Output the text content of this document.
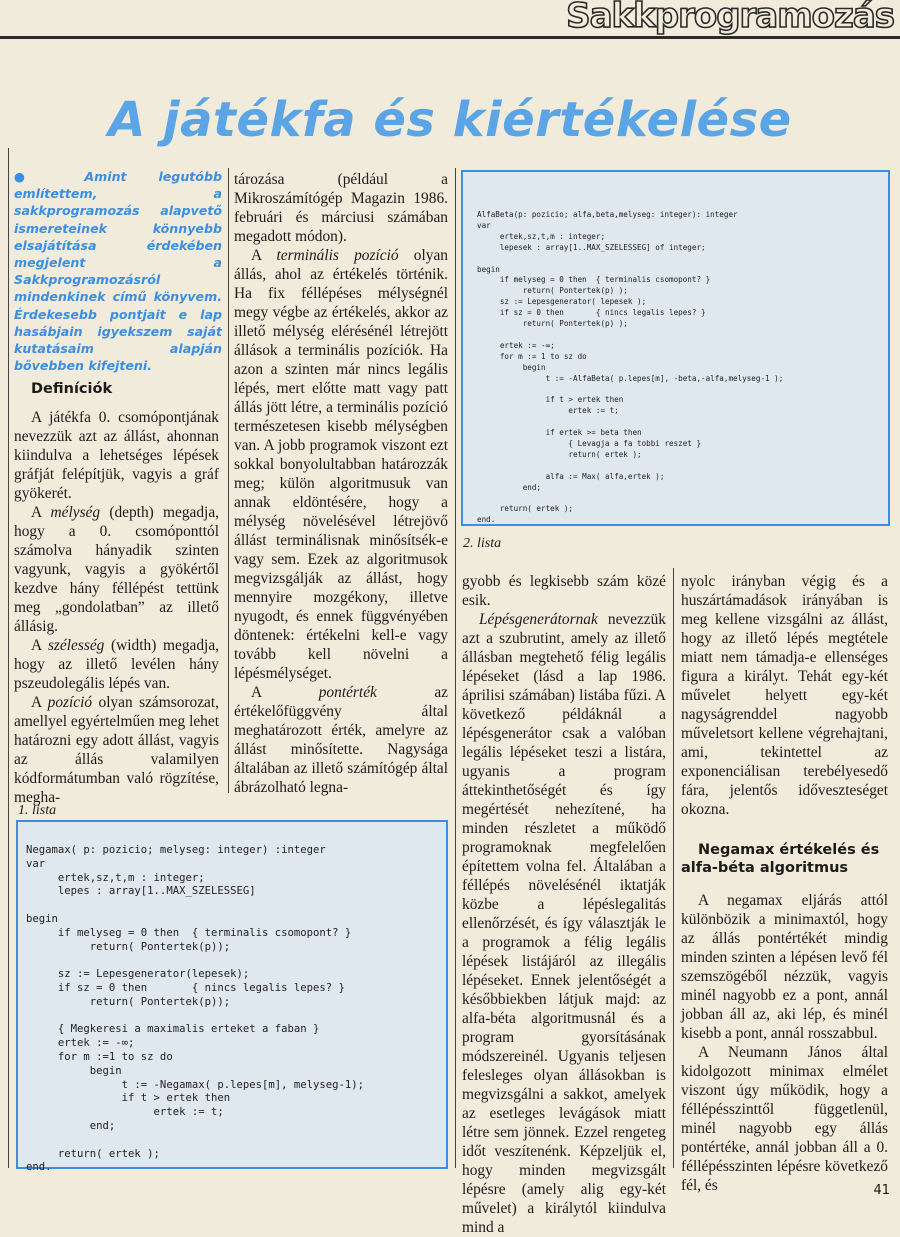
Sakkprogramozás
A játékfa és kiértékelése
● Amint legutóbb említettem, a sakkprogramozás alapvető ismereteinek könnyebb elsajátítása érdekében megjelent a Sakkprogramozásról mindenkinek című könyvem. Érdekesebb pontjait e lap hasábjain igyekszem saját kutatásaim alapján bővebben kifejteni.

Definíciók

A játékfa 0. csomópontjának nevezzük azt az állást, ahonnan kiindulva a lehetséges lépések gráfját felépítjük, vagyis a gráf gyökerét.

A mélység (depth) megadja, hogy a 0. csomóponttól számolva hányadik szinten vagyunk, vagyis a gyökértől kezdve hány féllépést tettünk meg „gondolatban” az illető állásig.

A szélesség (width) megadja, hogy az illető levélen hány pszeudolegális lépés van.

A pozíció olyan számsorozat, amellyel egyértelműen meg lehet határozni egy adott állást, vagyis az állás valamilyen kódformátumban való rögzítése, megha-

tározása (például a Mikroszámítógép Magazin 1986. februári és márciusi számában megadott módon).

A terminális pozíció olyan állás, ahol az értékelés történik. Ha fix féllépéses mélységnél megy végbe az értékelés, akkor az illető mélység elérésénél létrejött állások a terminális pozíciók. Ha azon a szinten már nincs legális lépés, mert előtte matt vagy patt állás jött létre, a terminális pozíció természetesen kisebb mélységben van. A jobb programok viszont ezt sokkal bonyolultabban határozzák meg; külön algoritmusuk van annak eldöntésére, hogy a mélység növelésével létrejövő állást terminálisnak minősítsék-e vagy sem. Ezek az algoritmusok megvizsgálják az állást, hogy mennyire mozgékony, illetve nyugodt, és ennek függvényében döntenek: értékelni kell-e vagy tovább kell növelni a lépésmélységet.

A pontérték az értékelőfüggvény által meghatározott érték, amelyre az állást minősítette. Nagysága általában az illető számítógép által ábrázolható legna-

AlfaBeta(p: pozicio; alfa,beta,melyseg: integer): integer
var
ertek,sz,t,m : integer;
lepesek : array[1..MAX_SZELESSEG] of integer;

begin
if melyseg = 0 then  { terminalis csomopont? }
return( Pontertek(p) );
sz := Lepesgenerator( lepesek );
if sz = 0 then       { nincs legalis lepes? }
return( Pontertek(p) );

ertek := -∞;
for m := 1 to sz do
begin
t := -AlfaBeta( p.lepes[m], -beta,-alfa,melyseg-1 );

if t > ertek then
ertek := t;

if ertek >= beta then
{ Levagja a fa tobbi reszet }
return( ertek );

alfa := Max( alfa,ertek );
end;

return( ertek );
end.
2. lista

gyobb és legkisebb szám közé esik.

Lépésgenerátornak nevezzük azt a szubrutint, amely az illető állásban megtehető félig legális lépéseket (lásd a lap 1986. áprilisi számában) listába fűzi. A következő példáknál a lépésgenerátor csak a valóban legális lépéseket teszi a listára, ugyanis a program áttekinthetőségét és így megértését nehezítené, ha minden részletet a működő programoknak megfelelően építettem volna fel. Általában a féllépés növelésénél iktatják közbe a lépéslegalitás ellenőrzését, és így választják le a programok a félig legális lépések listájáról az illegális lépéseket. Ennek jelentőségét a későbbiekben látjuk majd: az alfa-béta algoritmusnál és a program gyorsításának módszereinél. Ugyanis teljesen felesleges olyan állásokban is megvizsgálni a sakkot, amelyek az esetleges levágások miatt létre sem jönnek. Ezzel rengeteg időt veszítenénk. Képzeljük el, hogy minden megvizsgált lépésre (amely alig egy-két művelet) a királytól kiindulva mind a

nyolc irányban végig és a huszártámadások irányában is meg kellene vizsgálni az állást, hogy az illető lépés megtétele miatt nem támadja-e ellenséges figura a királyt. Tehát egy-két művelet helyett egy-két nagyságrenddel nagyobb műveletsort kellene végrehajtani, ami, tekintettel az exponenciálisan terebélyesedő fára, jelentős időveszteséget okozna.

Negamax értékelés és alfa-béta algoritmus

A negamax eljárás attól különbözik a minimaxtól, hogy az állás pontértékét mindig minden szinten a lépésen levő fél szemszögéből nézzük, vagyis minél nagyobb ez a pont, annál jobban áll az, aki lép, és minél kisebb a pont, annál rosszabbul.

A Neumann János által kidolgozott minimax elmélet viszont úgy működik, hogy a féllépésszinttől függetlenül, minél nagyobb egy állás pontértéke, annál jobban áll a 0. féllépésszinten lépésre következő fél, és

1. lista
Negamax( p: pozicio; melyseg: integer) :integer
var
ertek,sz,t,m : integer;
lepes : array[1..MAX_SZELESSEG]

begin
if melyseg = 0 then  { terminalis csomopont? }
return( Pontertek(p));

sz := Lepesgenerator(lepesek);
if sz = 0 then       { nincs legalis lepes? }
return( Pontertek(p));

{ Megkeresi a maximalis erteket a faban }
ertek := -∞;
for m :=1 to sz do
begin
t := -Negamax( p.lepes[m], melyseg-1);
if t > ertek then
ertek := t;
end;

return( ertek );
end.
41
